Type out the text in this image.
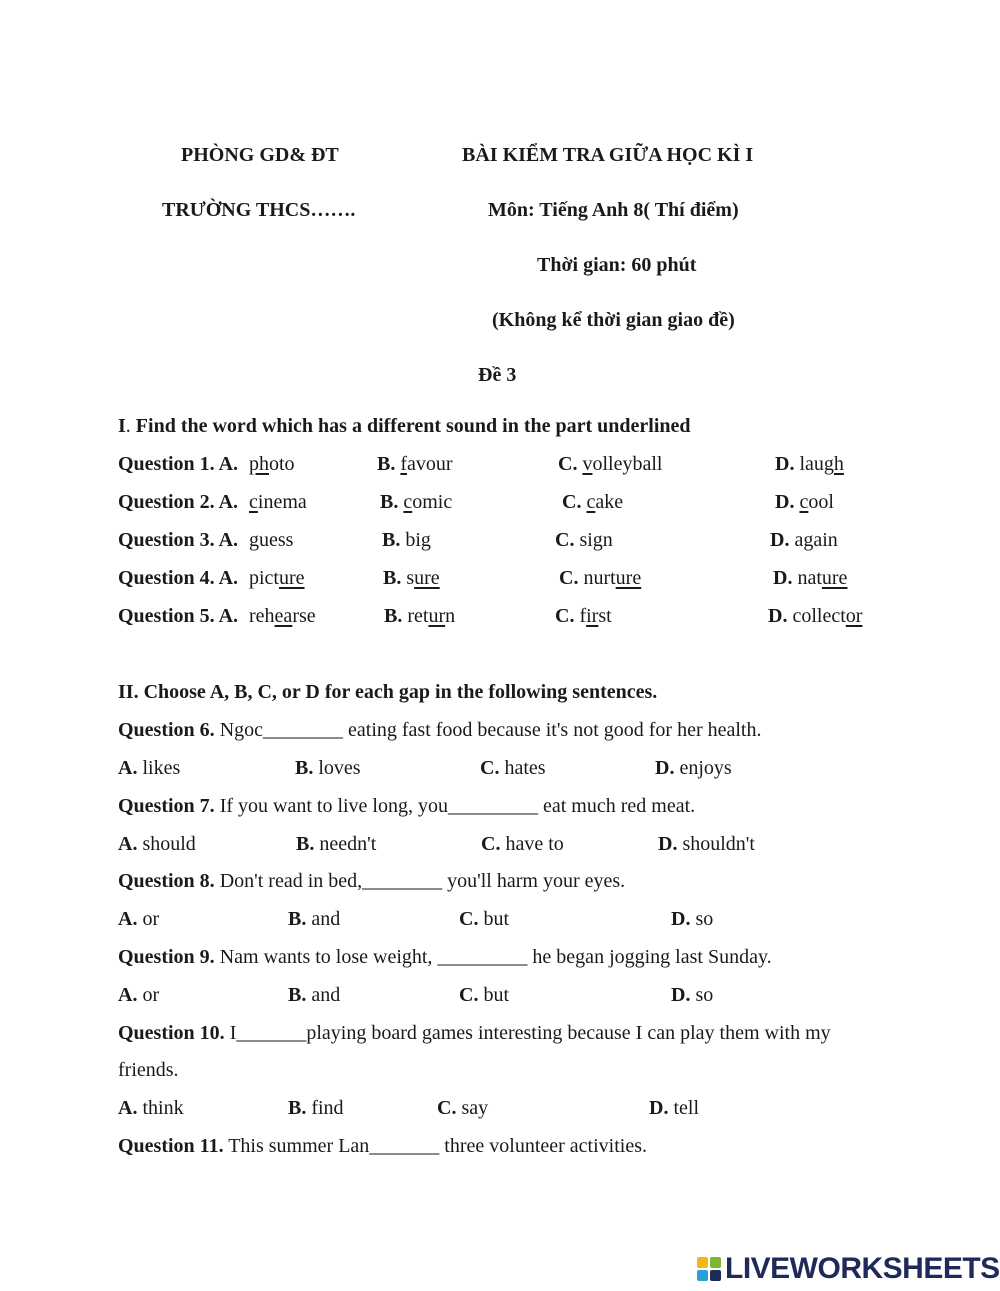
PHÒNG GD& ĐT	BÀI KIỂM TRA GIỮA HỌC KÌ I
TRƯỜNG THCS…….	Môn: Tiếng Anh 8( Thí điểm)
Thời gian: 60 phút
(Không kể thời gian giao đề)
Đề 3
I. Find the word which has a different sound in the part underlined
Question 1. A. photo	B. favour	C. volleyball	D. laugh
Question 2. A. cinema	B. comic	C. cake	D. cool
Question 3. A. guess	B. big	C. sign	D. again
Question 4. A. picture	B. sure	C. nurture	D. nature
Question 5. A. rehearse	B. return	C. first	D. collector
II. Choose A, B, C, or D for each gap in the following sentences.
Question 6. Ngoc________ eating fast food because it's not good for her health.
A. likes	B. loves	C. hates	D. enjoys
Question 7. If you want to live long, you_________ eat much red meat.
A. should	B. needn't	C. have to	D. shouldn't
Question 8. Don't read in bed,________ you'll harm your eyes.
A. or	B. and	C. but	D. so
Question 9. Nam wants to lose weight, _________ he began jogging last Sunday.
A. or	B. and	C. but	D. so
Question 10. I_______playing board games interesting because I can play them with my
friends.
A. think	B. find	C. say	D. tell
Question 11. This summer Lan_______ three volunteer activities.
LIVEWORKSHEETS
